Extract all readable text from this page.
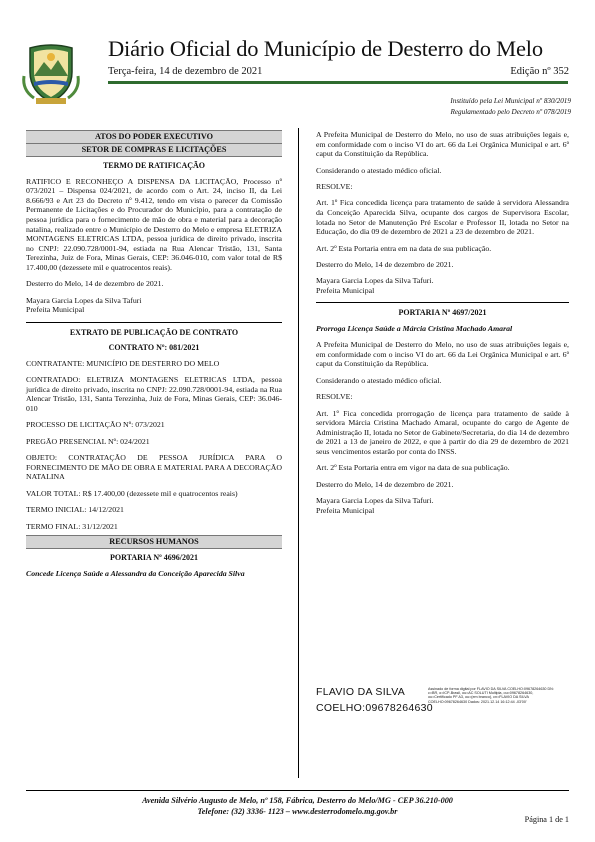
Diário Oficial do Município de Desterro do Melo
Terça-feira, 14 de dezembro de 2021	Edição nº 352
Instituído pela Lei Municipal nº 830/2019
Regulamentado pelo Decreto nº 078/2019
ATOS DO PODER EXECUTIVO
SETOR DE COMPRAS E LICITAÇÕES

TERMO DE RATIFICAÇÃO

RATIFICO E RECONHEÇO A DISPENSA DA LICITAÇÃO, Processo nº 073/2021 – Dispensa 024/2021, de acordo com o Art. 24, inciso II, da Lei 8.666/93 e Art 23 do Decreto nº 9.412, tendo em vista o parecer da Comissão Permanente de Licitações e do Procurador do Município, para a contratação de pessoa jurídica para o fornecimento de mão de obra e material para a decoração natalina, realizado entre o Município de Desterro do Melo e empresa ELETRIZA MONTAGENS ELETRICAS LTDA, pessoa jurídica de direito privado, inscrita no CNPJ: 22.090.728/0001-94, estiada na Rua Alencar Tristão, 131, Santa Terezinha, Juiz de Fora, Minas Gerais, CEP: 36.046-010, com valor total de R$ 17.400,00 (dezessete mil e quatrocentos reais).

Desterro do Melo, 14 de dezembro de 2021.

Mayara Garcia Lopes da Silva Tafuri

Prefeita Municipal

EXTRATO DE PUBLICAÇÃO DE CONTRATO

CONTRATO Nº: 081/2021

CONTRATANTE: MUNICÍPIO DE DESTERRO DO MELO

CONTRATADO: ELETRIZA MONTAGENS ELETRICAS LTDA, pessoa jurídica de direito privado, inscrita no CNPJ: 22.090.728/0001-94, estiada na Rua Alencar Tristão, 131, Santa Terezinha, Juiz de Fora, Minas Gerais, CEP: 36.046-010

PROCESSO DE LICITAÇÃO Nº: 073/2021

PREGÃO PRESENCIAL Nº: 024/2021

OBJETO: CONTRATAÇÃO DE PESSOA JURÍDICA PARA O FORNECIMENTO DE MÃO DE OBRA E MATERIAL PARA A DECORAÇÃO NATALINA

VALOR TOTAL: R$ 17.400,00 (dezessete mil e quatrocentos reais)

TERMO INICIAL: 14/12/2021

TERMO FINAL: 31/12/2021

RECURSOS HUMANOS

PORTARIA Nº 4696/2021

Concede Licença Saúde a Alessandra da Conceição Aparecida Silva

A Prefeita Municipal de Desterro do Melo, no uso de suas atribuições legais e, em conformidade com o inciso VI do art. 66 da Lei Orgânica Municipal e art. 6º caput da Constituição da República.

Considerando o atestado médico oficial.

RESOLVE:

Art. 1º Fica concedida licença para tratamento de saúde à servidora Alessandra da Conceição Aparecida Silva, ocupante dos cargos de Supervisora Escolar, lotada no Setor de Manutenção Pré Escolar e Professor II, lotada no Setor na Educação, do dia 09 de dezembro de 2021 a 23 de dezembro de 2021.

Art. 2º Esta Portaria entra em na data de sua publicação.

Desterro do Melo, 14 de dezembro de 2021.

Mayara Garcia Lopes da Silva Tafuri.

Prefeita Municipal

PORTARIA Nº 4697/2021

Prorroga Licença Saúde a Márcia Cristina Machado Amaral

A Prefeita Municipal de Desterro do Melo, no uso de suas atribuições legais e, em conformidade com o inciso VI do art. 66 da Lei Orgânica Municipal e art. 6º caput da Constituição da República.

Considerando o atestado médico oficial.

RESOLVE:

Art. 1º Fica concedida prorrogação de licença para tratamento de saúde à servidora Márcia Cristina Machado Amaral, ocupante do cargo de Agente de Administração II, lotada no Setor de Gabinete/Secretaria, do dia 14 de dezembro de 2021 a 13 de janeiro de 2022, e que à partir do dia 29 de dezembro de 2021 seus vencimentos estarão por conta do INSS.

Art. 2º Esta Portaria entra em vigor na data de sua publicação.

Desterro do Melo, 14 de dezembro de 2021.

Mayara Garcia Lopes da Silva Tafuri.

Prefeita Municipal

FLAVIO DA SILVA
COELHO:09678264630
Assinado de forma digital por FLAVIO DA SILVA COELHO:09678264630 DN: c=BR, o=ICP-Brasil, ou=AC SOLUTI Multipla, ou=09678264630, ou=Certificado PF A3, ou=(em branco), cn=FLAVIO DA SILVA COELHO:09678264630 Dados: 2021.12.14 16:12:44 -03'00'
Avenida Silvério Augusto de Melo, nº 158, Fábrica, Desterro do Melo/MG - CEP 36.210-000
Telefone: (32) 3336- 1123 – www.desterrodomelo.mg.gov.br
Página 1 de 1
